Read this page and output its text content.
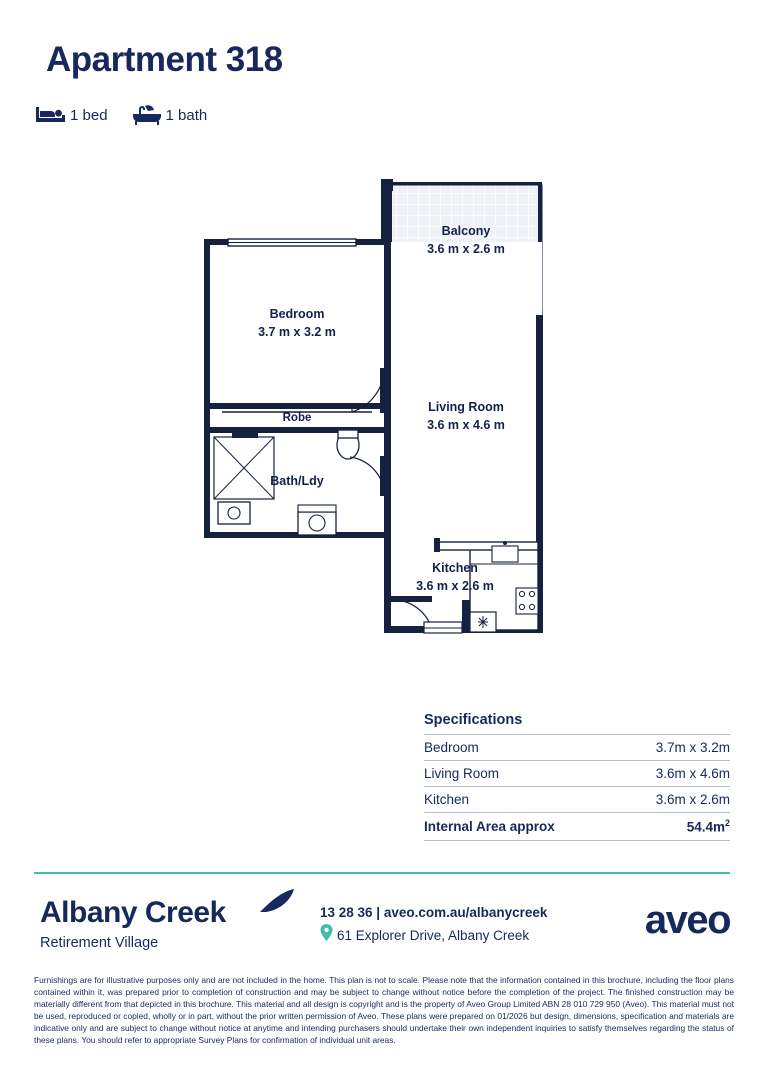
Apartment 318
1 bed	1 bath
Balcony
3.6 m x 2.6 m
Bedroom
3.7 m x 3.2 m
Living Room
3.6 m x 4.6 m
Kitchen
3.6 m x 2.6 m
Bath/Ldy
Robe
Specifications
Bedroom	3.7m x 3.2m
Living Room	3.6m x 4.6m
Kitchen	3.6m x 2.6m
Internal Area approx	$54.4m^2$
Albany Creek
Retirement Village
13 28 36 | aveo.com.au/albanycreek
61 Explorer Drive, Albany Creek	aveo
Furnishings are for illustrative purposes only and are not included in the home. This plan is not to scale. Please note that the information contained in this brochure, including the floor plans contained within it, was prepared prior to completion of construction and may be subject to change without notice before the completion of the project. The finished construction may be materially different from that depicted in this brochure. This material and all design is copyright and is the property of Aveo Group Limited ABN 28 010 729 950 (Aveo). This material must not be used, reproduced or copied, wholly or in part, without the prior written permission of Aveo. These plans were prepared on 01/2026 but design, dimensions, specification and materials are indicative only and are subject to change without notice at anytime and intending purchasers should undertake their own independent inquiries to satisfy themselves regarding the status of these plans. You should refer to appropriate Survey Plans for confirmation of individual unit areas.
